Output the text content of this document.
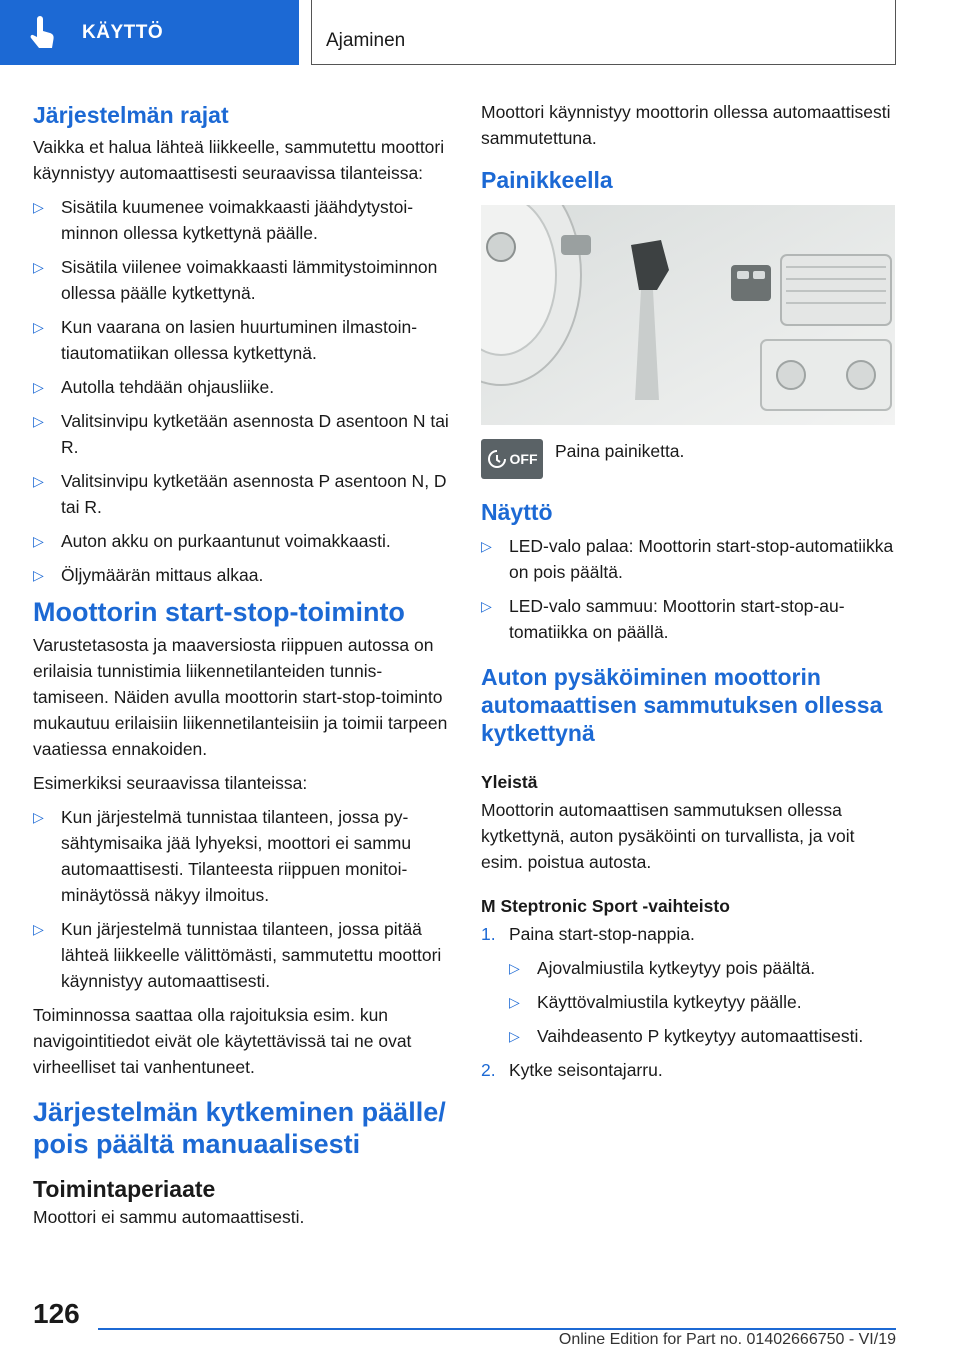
KÄYTTÖ	Ajaminen
Järjestelmän rajat

Vaikka et halua lähteä liikkeelle, sammutettu moottori käynnistyy automaattisesti seuraavissa tilanteissa:

▷ Sisätila kuumenee voimakkaasti jäähdytystoiminnon ollessa kytkettynä päälle.
▷ Sisätila viilenee voimakkaasti lämmitystoiminnon ollessa päälle kytkettynä.
▷ Kun vaarana on lasien huurtuminen ilmastointiautomatiikan ollessa kytkettynä.
▷ Autolla tehdään ohjausliike.
▷ Valitsinvipu kytketään asennosta D asentoon N tai R.
▷ Valitsinvipu kytketään asennosta P asentoon N, D tai R.
▷ Auton akku on purkaantunut voimakkaasti.
▷ Öljymäärän mittaus alkaa.
Moottorin start-stop-toiminto

Varustetasosta ja maaversiosta riippuen autossa on erilaisia tunnistimia liikennetilanteiden tunnistamiseen. Näiden avulla moottorin start-stop-toiminto mukautuu erilaisiin liikennetilanteisiin ja toimii tarpeen vaatiessa ennakoiden.

Esimerkiksi seuraavissa tilanteissa:

▷ Kun järjestelmä tunnistaa tilanteen, jossa pysähtymisaika jää lyhyeksi, moottori ei sammu automaattisesti. Tilanteesta riippuen monitoiminäytössä näkyy ilmoitus.
▷ Kun järjestelmä tunnistaa tilanteen, jossa pitää lähteä liikkeelle välittömästi, sammutettu moottori käynnistyy automaattisesti.

Toiminnossa saattaa olla rajoituksia esim. kun navigointitiedot eivät ole käytettävissä tai ne ovat virheelliset tai vanhentuneet.

Järjestelmän kytkeminen päälle/ pois päältä manuaalisesti
Toimintaperiaate

Moottori ei sammu automaattisesti.

Moottori käynnistyy moottorin ollessa automaattisesti sammutettuna.

Painikkeella
OFF Paina painiketta.

Näyttö
▷ LED-valo palaa: Moottorin start-stop-automatiikka on pois päältä.
▷ LED-valo sammuu: Moottorin start-stop-automatiikka on päällä.
Auton pysäköiminen moottorin automaattisen sammutuksen ollessa kytkettynä
Yleistä

Moottorin automaattisen sammutuksen ollessa kytkettynä, auton pysäköinti on turvallista, ja voit esim. poistua autosta.

M Steptronic Sport -vaihteisto
1. Paina start-stop-nappia.
▷ Ajovalmiustila kytkeytyy pois päältä.
▷ Käyttövalmiustila kytkeytyy päälle.
▷ Vaihdeasento P kytkeytyy automaattisesti.
2. Kytke seisontajarru.
126
Online Edition for Part no. 01402666750 - VI/19
